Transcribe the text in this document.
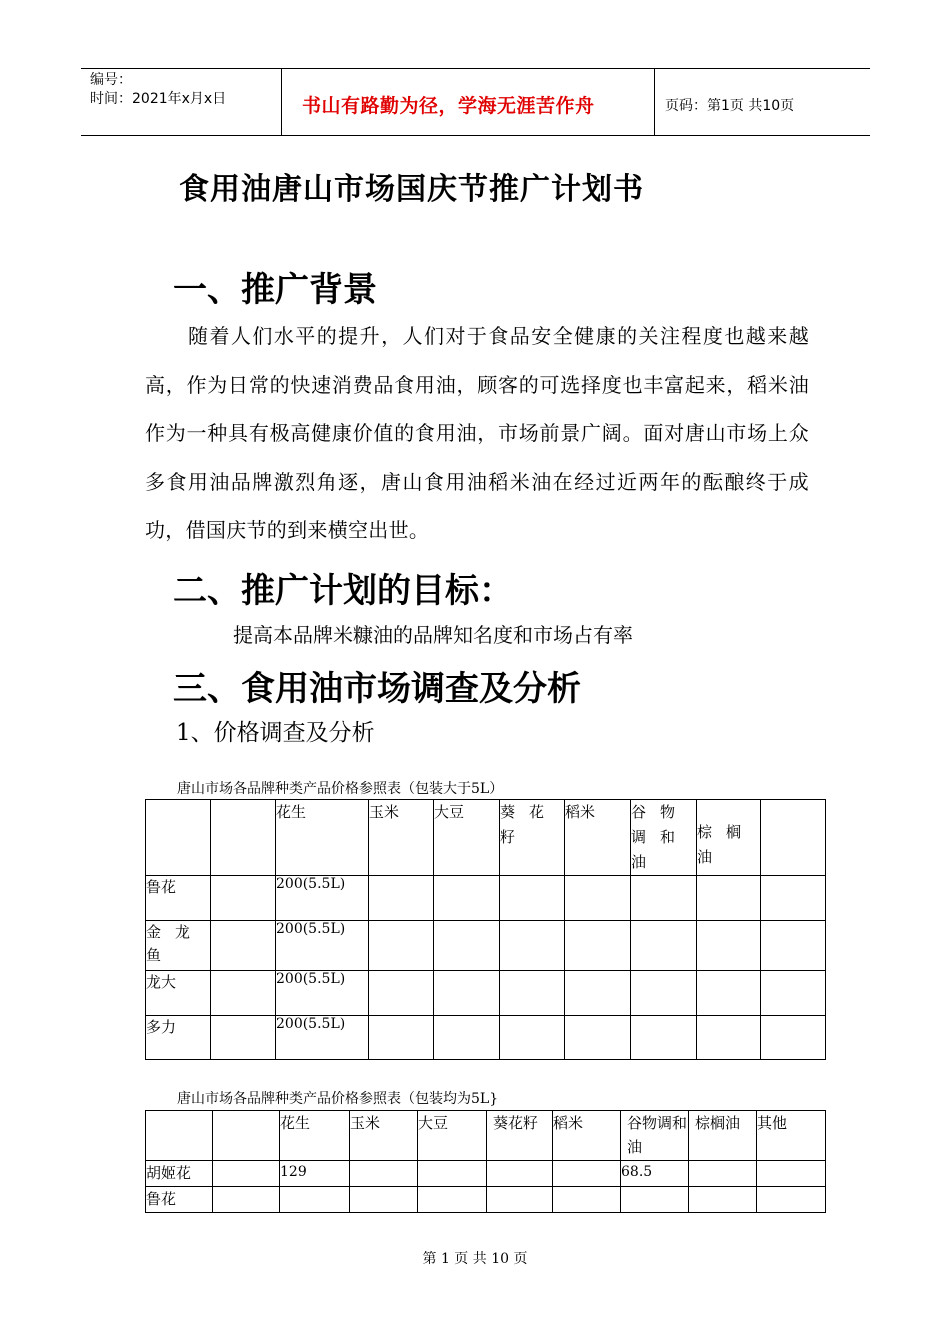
编号：
时间：2021年x月x日	书山有路勤为径，学海无涯苦作舟	页码：第1页 共10页
食用油唐山市场国庆节推广计划书
一、推广背景
随着人们水平的提升，人们对于食品安全健康的关注程度也越来越高，作为日常的快速消费品食用油，顾客的可选择度也丰富起来，稻米油作为一种具有极高健康价值的食用油，市场前景广阔。面对唐山市场上众多食用油品牌激烈角逐，唐山食用油稻米油在经过近两年的酝酿终于成功，借国庆节的到来横空出世。
二、推广计划的目标：
提高本品牌米糠油的品牌知名度和市场占有率
三、食用油市场调查及分析
1、价格调查及分析
唐山市场各品牌种类产品价格参照表（包装大于5L）
		花生	玉米	大豆	葵花籽	稻米	谷物调和油	棕榈油	
鲁花		200(5.5L)							
金龙鱼		200(5.5L)							
龙大		200(5.5L)							
多力		200(5.5L)							
唐山市场各品牌种类产品价格参照表（包装均为5L}
		花生	玉米	大豆	葵花籽	稻米	谷物调和油	棕榈油	其他
胡姬花		129					68.5		
鲁花									
第 1 页 共 10 页
